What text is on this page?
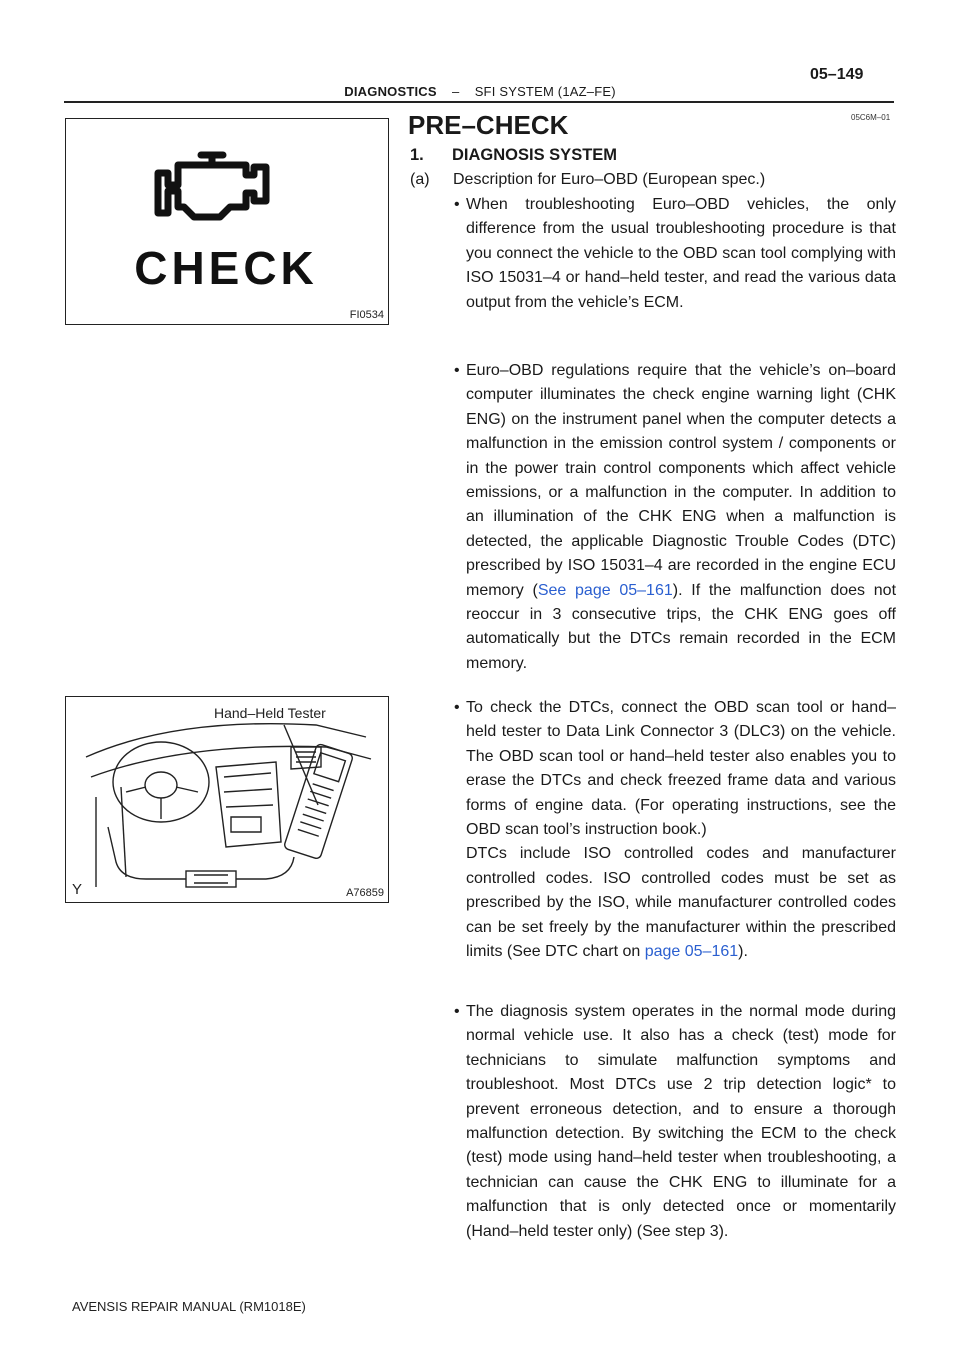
05–149
DIAGNOSTICS – SFI SYSTEM (1AZ–FE)
05C6M–01
CHECK
FI0534
Hand–Held Tester
Y	A76859
PRE–CHECK
1. DIAGNOSIS SYSTEM
(a) Description for Euro–OBD (European spec.)
• When troubleshooting Euro–OBD vehicles, the only difference from the usual troubleshooting procedure is that you connect the vehicle to the OBD scan tool complying with ISO 15031–4 or hand–held tester, and read the various data output from the vehicle’s ECM.
• Euro–OBD regulations require that the vehicle’s on–board computer illuminates the check engine warning light (CHK ENG) on the instrument panel when the computer detects a malfunction in the emission control system / components or in the power train control components which affect vehicle emissions, or a malfunction in the computer. In addition to an illumination of the CHK ENG when a malfunction is detected, the applicable Diagnostic Trouble Codes (DTC) prescribed by ISO 15031–4 are recorded in the engine ECU memory (See page 05–161). If the malfunction does not reoccur in 3 consecutive trips, the CHK ENG goes off automatically but the DTCs remain recorded in the ECM memory.
• To check the DTCs, connect the OBD scan tool or hand–held tester to Data Link Connector 3 (DLC3) on the vehicle. The OBD scan tool or hand–held tester also enables you to erase the DTCs and check freezed frame data and various forms of engine data. (For operating instructions, see the OBD scan tool’s instruction book.)
DTCs include ISO controlled codes and manufacturer controlled codes. ISO controlled codes must be set as prescribed by the ISO, while manufacturer controlled codes can be set freely by the manufacturer within the prescribed limits (See DTC chart on page 05–161).
• The diagnosis system operates in the normal mode during normal vehicle use. It also has a check (test) mode for technicians to simulate malfunction symptoms and troubleshoot. Most DTCs use 2 trip detection logic* to prevent erroneous detection, and to ensure a thorough malfunction detection. By switching the ECM to the check (test) mode using hand–held tester when troubleshooting, a technician can cause the CHK ENG to illuminate for a malfunction that is only detected once or momentarily (Hand–held tester only) (See step 3).
AVENSIS REPAIR MANUAL (RM1018E)
